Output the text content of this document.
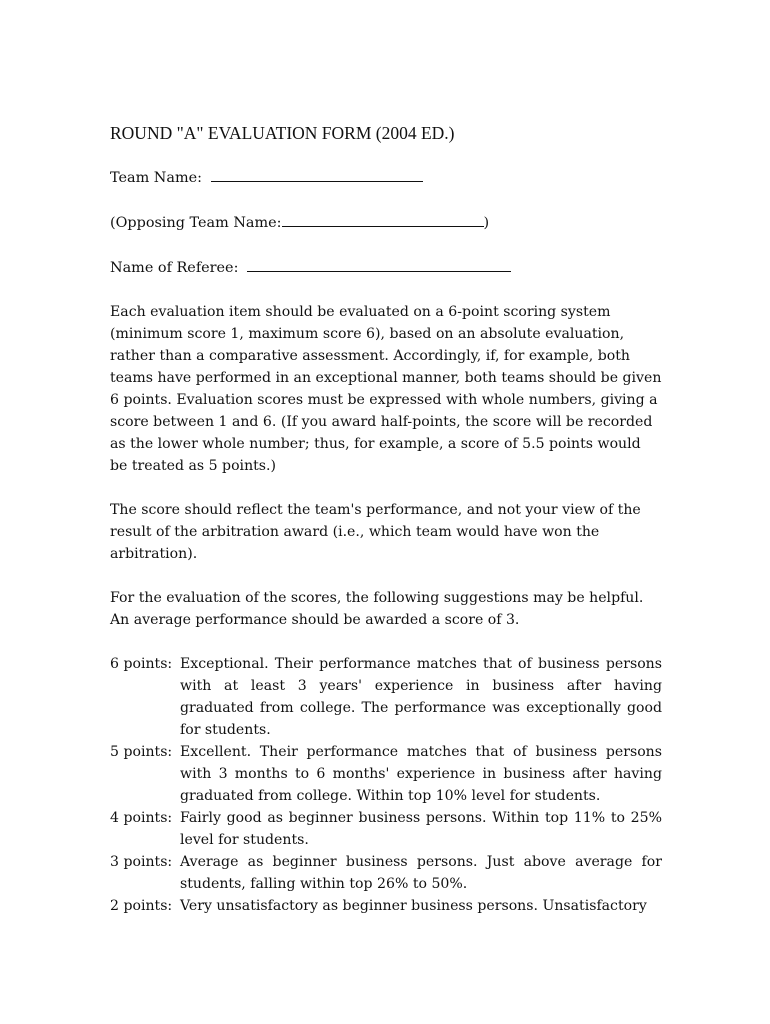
ROUND "A" EVALUATION FORM (2004 ED.)
Team Name:
(Opposing Team Name:	)
Name of Referee:

Each evaluation item should be evaluated on a 6-point scoring system (minimum score 1, maximum score 6), based on an absolute evaluation, rather than a comparative assessment. Accordingly, if, for example, both teams have performed in an exceptional manner, both teams should be given 6 points. Evaluation scores must be expressed with whole numbers, giving a score between 1 and 6. (If you award half-points, the score will be recorded as the lower whole number; thus, for example, a score of 5.5 points would be treated as 5 points.)

The score should reflect the team's performance, and not your view of the result of the arbitration award (i.e., which team would have won the arbitration).

For the evaluation of the scores, the following suggestions may be helpful. An average performance should be awarded a score of 3.

6 points: Exceptional. Their performance matches that of business persons with at least 3 years' experience in business after having graduated from college. The performance was exceptionally good for students.
5 points: Excellent. Their performance matches that of business persons with 3 months to 6 months' experience in business after having graduated from college. Within top 10% level for students.
4 points: Fairly good as beginner business persons. Within top 11% to 25% level for students.
3 points: Average as beginner business persons. Just above average for students, falling within top 26% to 50%.
2 points: Very unsatisfactory as beginner business persons. Unsatisfactory
